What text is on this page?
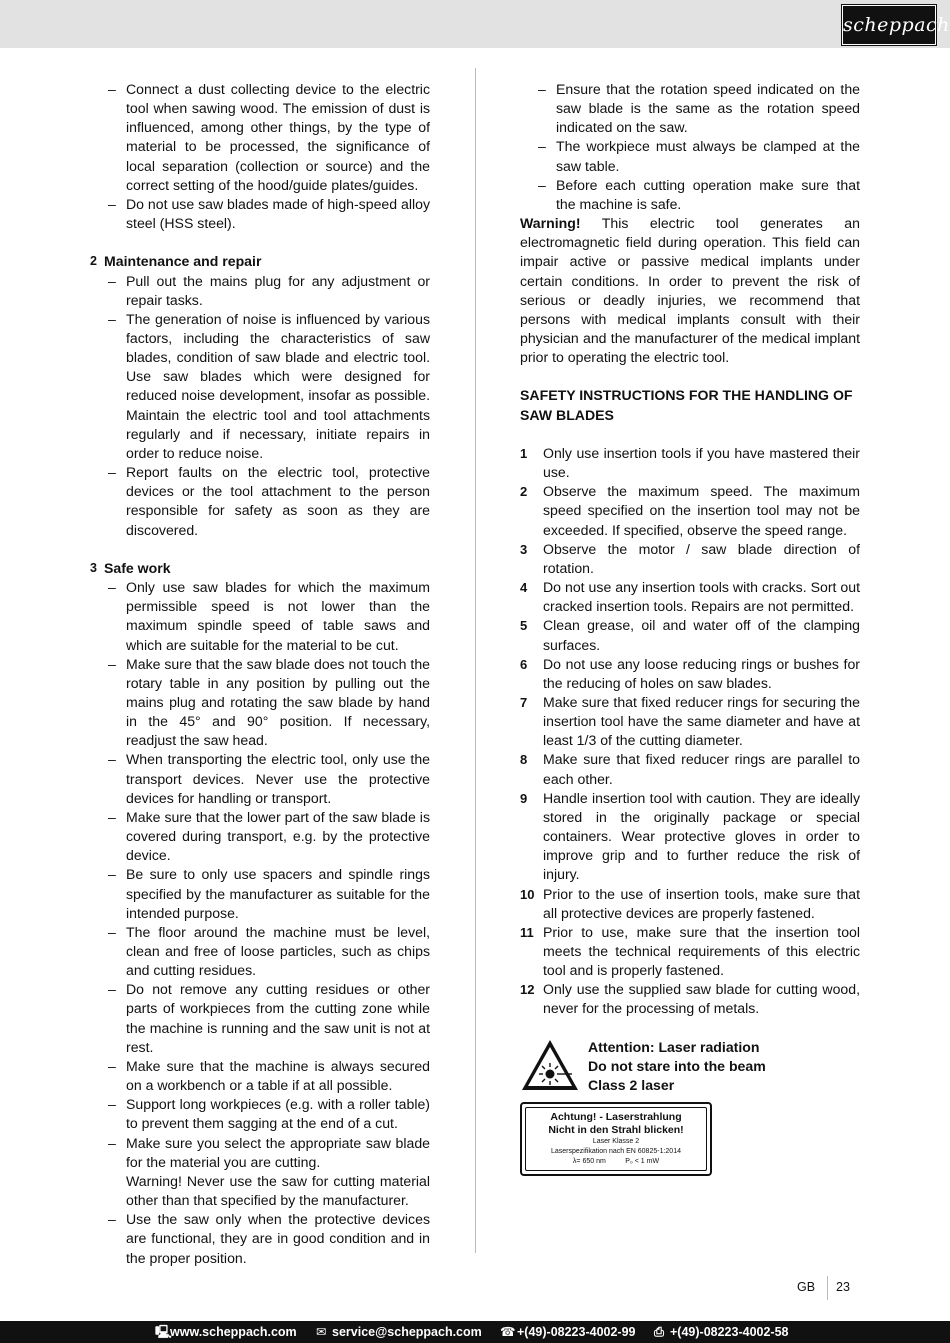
scheppach
– Connect a dust collecting device to the electric tool when sawing wood. The emission of dust is influenced, among other things, by the type of material to be processed, the significance of local separation (collection or source) and the correct setting of the hood/guide plates/guides.
– Do not use saw blades made of high-speed alloy steel (HSS steel).
2 Maintenance and repair
– Pull out the mains plug for any adjustment or repair tasks.
– The generation of noise is influenced by various factors, including the characteristics of saw blades, condition of saw blade and electric tool. Use saw blades which were designed for reduced noise development, insofar as possible. Maintain the electric tool and tool attachments regularly and if necessary, initiate repairs in order to reduce noise.
– Report faults on the electric tool, protective devices or the tool attachment to the person responsible for safety as soon as they are discovered.
3 Safe work
– Only use saw blades for which the maximum permissible speed is not lower than the maximum spindle speed of table saws and which are suitable for the material to be cut.
– Make sure that the saw blade does not touch the rotary table in any position by pulling out the mains plug and rotating the saw blade by hand in the 45° and 90° position. If necessary, readjust the saw head.
– When transporting the electric tool, only use the transport devices. Never use the protective devices for handling or transport.
– Make sure that the lower part of the saw blade is covered during transport, e.g. by the protective device.
– Be sure to only use spacers and spindle rings specified by the manufacturer as suitable for the intended purpose.
– The floor around the machine must be level, clean and free of loose particles, such as chips and cutting residues.
– Do not remove any cutting residues or other parts of workpieces from the cutting zone while the machine is running and the saw unit is not at rest.
– Make sure that the machine is always secured on a workbench or a table if at all possible.
– Support long workpieces (e.g. with a roller table) to prevent them sagging at the end of a cut.
– Make sure you select the appropriate saw blade for the material you are cutting.
Warning! Never use the saw for cutting material other than that specified by the manufacturer.
– Use the saw only when the protective devices are functional, they are in good condition and in the proper position.
– Ensure that the rotation speed indicated on the saw blade is the same as the rotation speed indicated on the saw.
– The workpiece must always be clamped at the saw table.
– Before each cutting operation make sure that the machine is safe.
Warning! This electric tool generates an electromagnetic field during operation. This field can impair active or passive medical implants under certain conditions. In order to prevent the risk of serious or deadly injuries, we recommend that persons with medical implants consult with their physician and the manufacturer of the medical implant prior to operating the electric tool.
SAFETY INSTRUCTIONS FOR THE HANDLING OF SAW BLADES
1 Only use insertion tools if you have mastered their use.
2 Observe the maximum speed. The maximum speed specified on the insertion tool may not be exceeded. If specified, observe the speed range.
3 Observe the motor / saw blade direction of rotation.
4 Do not use any insertion tools with cracks. Sort out cracked insertion tools. Repairs are not permitted.
5 Clean grease, oil and water off of the clamping surfaces.
6 Do not use any loose reducing rings or bushes for the reducing of holes on saw blades.
7 Make sure that fixed reducer rings for securing the insertion tool have the same diameter and have at least 1/3 of the cutting diameter.
8 Make sure that fixed reducer rings are parallel to each other.
9 Handle insertion tool with caution. They are ideally stored in the originally package or special containers. Wear protective gloves in order to improve grip and to further reduce the risk of injury.
10 Prior to the use of insertion tools, make sure that all protective devices are properly fastened.
11 Prior to use, make sure that the insertion tool meets the technical requirements of this electric tool and is properly fastened.
12 Only use the supplied saw blade for cutting wood, never for the processing of metals.
Attention: Laser radiation
Do not stare into the beam
Class 2 laser
Achtung! - Laserstrahlung
Nicht in den Strahl blicken!
Laser Klasse 2
Laserspezifikation nach EN 60825-1:2014
λ= 650 nm          P₀ < 1 mW
GB 23
🖳
www.scheppach.com ✉ service@scheppach.com ☎ +(49)-08223-4002-99 ⎙ +(49)-08223-4002-58
